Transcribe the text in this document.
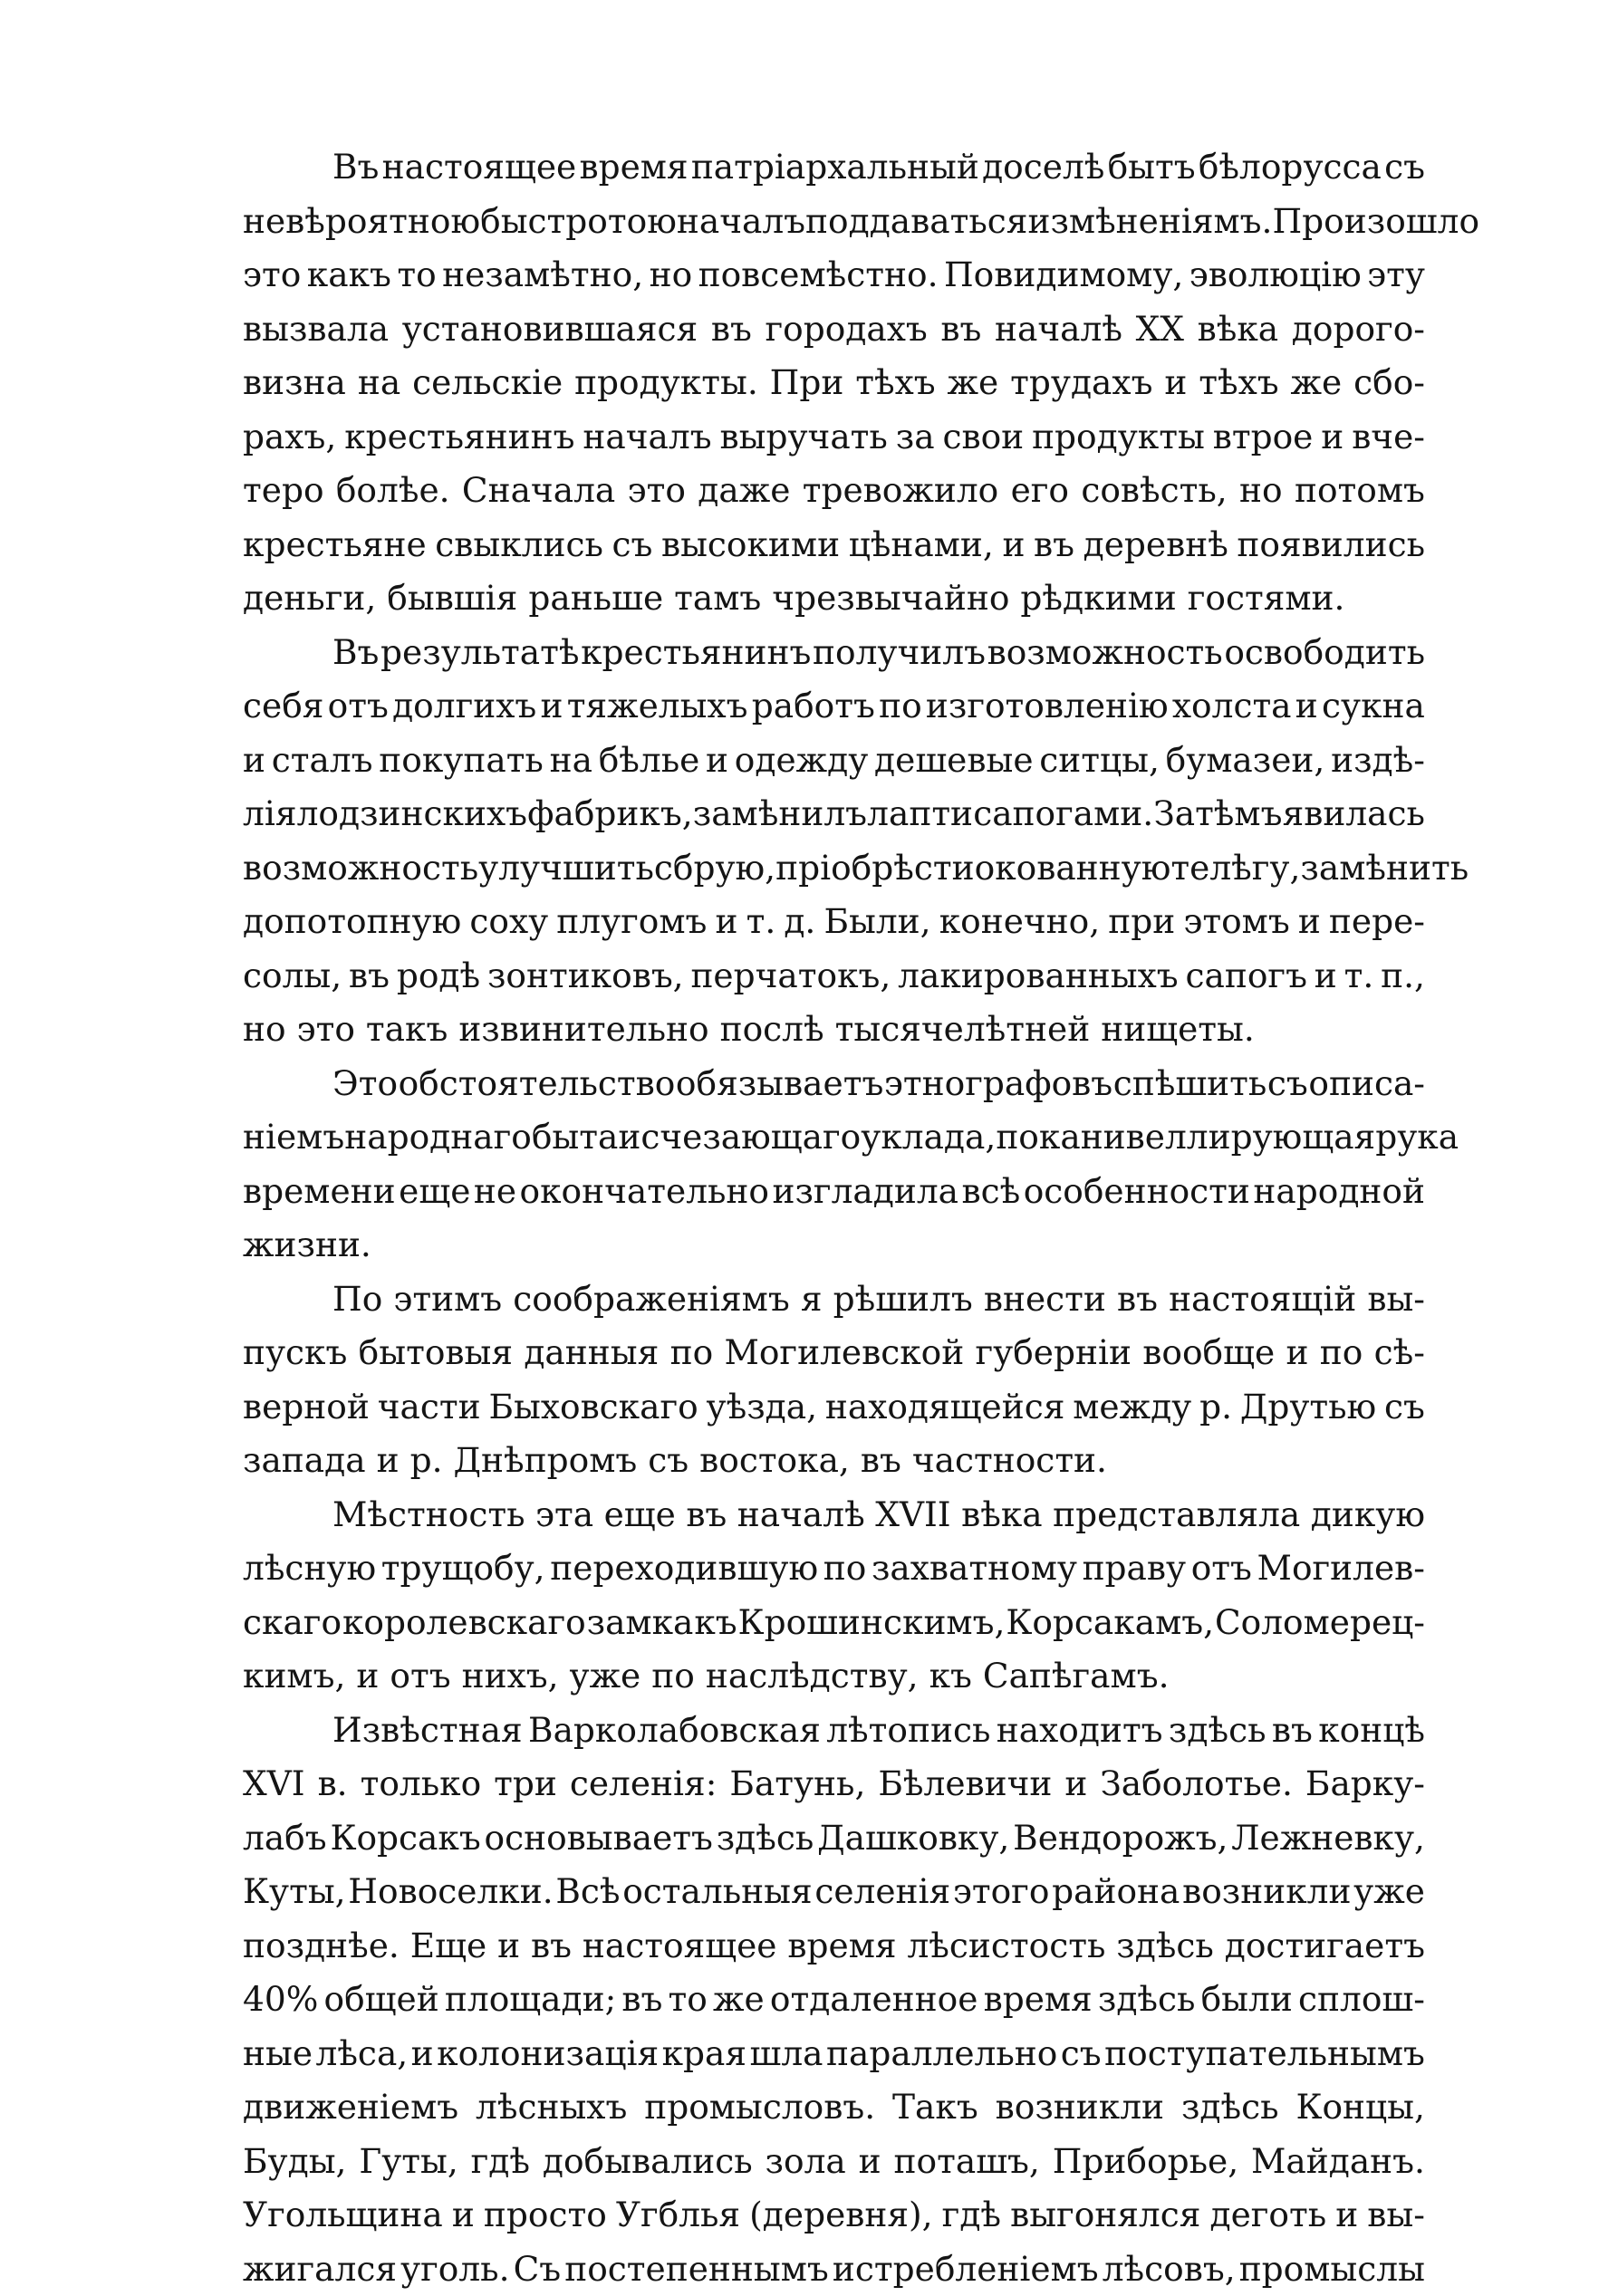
Въ настоящее время патріархальный доселѣ бытъ бѣлорусса съ
невѣроятною быстротою началъ поддаваться измѣненіямъ. Произошло
это какъ то незамѣтно, но повсемѣстно. Повидимому, эволюцію эту
вызвала установившаяся въ городахъ въ началѣ XX вѣка дорого-
визна на сельскіе продукты. При тѣхъ же трудахъ и тѣхъ же сбо-
рахъ, крестьянинъ началъ выручать за свои продукты втрое и вче-
теро болѣе. Сначала это даже тревожило его совѣсть, но потомъ
крестьяне свыклись съ высокими цѣнами, и въ деревнѣ появились
деньги, бывшія раньше тамъ чрезвычайно рѣдкими гостями.
Въ результатѣ крестьянинъ получилъ возможность освободить
себя отъ долгихъ и тяжелыхъ работъ по изготовленію холста и сукна
и сталъ покупать на бѣлье и одежду дешевые ситцы, бумазеи, издѣ-
лія лодзинскихъ фабрикъ, замѣнилъ лапти сапогами. Затѣмъ явилась
возможность улучшить сбрую, пріобрѣсти окованную телѣгу, замѣнить
допотопную соху плугомъ и т. д. Были, конечно, при этомъ и пере-
солы, въ родѣ зонтиковъ, перчатокъ, лакированныхъ сапогъ и т. п.,
но это такъ извинительно послѣ тысячелѣтней нищеты.
Это обстоятельство обязываетъ этнографовъ спѣшить съ описа-
ніемъ народнаго быта исчезающаго уклада, пока нивеллирующая рука
времени еще не окончательно изгладила всѣ особенности народной
жизни.
По этимъ соображеніямъ я рѣшилъ внести въ настоящій вы-
пускъ бытовыя данныя по Могилевской губерніи вообще и по сѣ-
верной части Быховскаго уѣзда, находящейся между р. Друтью съ
запада и р. Днѣпромъ съ востока, въ частности.
Мѣстность эта еще въ началѣ XVII вѣка представляла дикую
лѣсную трущобу, переходившую по захватному праву отъ Могилев-
скаго королевскаго замка къ Крошинскимъ, Корсакамъ, Соломерец-
кимъ, и отъ нихъ, уже по наслѣдству, къ Сапѣгамъ.
Извѣстная Варколабовская лѣтопись находитъ здѣсь въ концѣ
XVI в. только три селенія: Батунь, Бѣлевичи и Заболотье. Барку-
лабъ Корсакъ основываетъ здѣсь Дашковку, Вендорожъ, Лежневку,
Куты, Новоселки. Всѣ остальныя селенія этого района возникли уже
позднѣе. Еще и въ настоящее время лѣсистость здѣсь достигаетъ
40% общей площади; въ то же отдаленное время здѣсь были сплош-
ные лѣса, и колонизація края шла параллельно съ поступательнымъ
движеніемъ лѣсныхъ промысловъ. Такъ возникли здѣсь Концы,
Буды, Гуты, гдѣ добывались зола и поташъ, Приборье, Майданъ.
Угольщина и просто Угблья (деревня), гдѣ выгонялся деготь и вы-
жигался уголь. Съ постепеннымъ истребленіемъ лѣсовъ, промыслы
